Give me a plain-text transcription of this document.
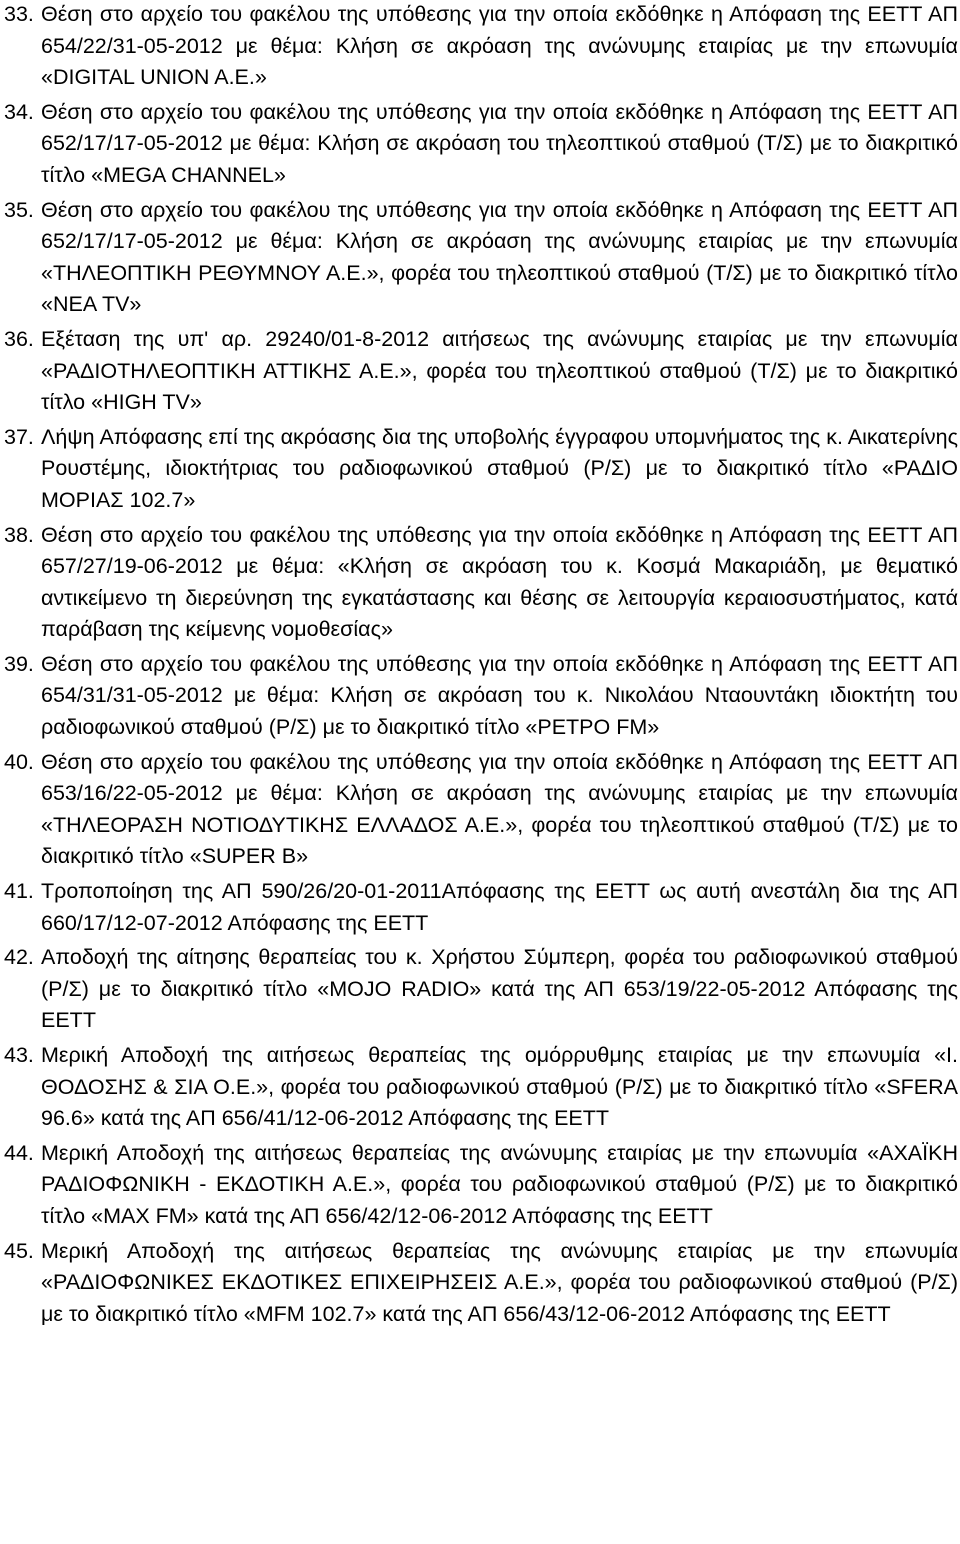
33. Θέση στο αρχείο του φακέλου της υπόθεσης για την οποία εκδόθηκε η Απόφαση της ΕΕΤΤ ΑΠ 654/22/31-05-2012 με θέμα: Κλήση σε ακρόαση της ανώνυμης εταιρίας με την επωνυμία «DIGITAL UNION A.E.»
34. Θέση στο αρχείο του φακέλου της υπόθεσης για την οποία εκδόθηκε η Απόφαση της ΕΕΤΤ ΑΠ 652/17/17-05-2012 με θέμα: Κλήση σε ακρόαση του τηλεοπτικού σταθμού (Τ/Σ) με το διακριτικό τίτλο «MEGA CHANNEL»
35. Θέση στο αρχείο του φακέλου της υπόθεσης για την οποία εκδόθηκε η Απόφαση της ΕΕΤΤ ΑΠ 652/17/17-05-2012 με θέμα: Κλήση σε ακρόαση της ανώνυμης εταιρίας με την επωνυμία «ΤΗΛΕΟΠΤΙΚΗ ΡΕΘΥΜΝΟΥ Α.Ε.», φορέα του τηλεοπτικού σταθμού (Τ/Σ) με το διακριτικό τίτλο «ΝΕΑ TV»
36. Εξέταση της υπ' αρ. 29240/01-8-2012 αιτήσεως της ανώνυμης εταιρίας με την επωνυμία «ΡΑΔΙΟΤΗΛΕΟΠΤΙΚΗ ΑΤΤΙΚΗΣ Α.Ε.», φορέα του τηλεοπτικού σταθμού (Τ/Σ) με το διακριτικό τίτλο «HIGH TV»
37. Λήψη Απόφασης επί της ακρόασης δια της υποβολής έγγραφου υπομνήματος της κ. Αικατερίνης Ρουστέμης, ιδιοκτήτριας του ραδιοφωνικού σταθμού (Ρ/Σ) με το διακριτικό τίτλο «ΡΑΔΙΟ ΜΟΡΙΑΣ 102.7»
38. Θέση στο αρχείο του φακέλου της υπόθεσης για την οποία εκδόθηκε η Απόφαση της ΕΕΤΤ ΑΠ 657/27/19-06-2012 με θέμα: «Κλήση σε ακρόαση του κ. Κοσμά Μακαριάδη, με θεματικό αντικείμενο τη διερεύνηση της εγκατάστασης και θέσης σε λειτουργία κεραιοσυστήματος, κατά παράβαση της κείμενης νομοθεσίας»
39. Θέση στο αρχείο του φακέλου της υπόθεσης για την οποία εκδόθηκε η Απόφαση της ΕΕΤΤ ΑΠ 654/31/31-05-2012 με θέμα: Κλήση σε ακρόαση του κ. Νικολάου Νταουντάκη ιδιοκτήτη του ραδιοφωνικού σταθμού (Ρ/Σ) με το διακριτικό τίτλο «ΡΕΤΡΟ FM»
40. Θέση στο αρχείο του φακέλου της υπόθεσης για την οποία εκδόθηκε η Απόφαση της ΕΕΤΤ ΑΠ 653/16/22-05-2012 με θέμα: Κλήση σε ακρόαση της ανώνυμης εταιρίας με την επωνυμία «ΤΗΛΕΟΡΑΣΗ ΝΟΤΙΟΔΥΤΙΚΗΣ ΕΛΛΑΔΟΣ Α.Ε.», φορέα του τηλεοπτικού σταθμού (Τ/Σ) με το διακριτικό τίτλο «SUPER B»
41. Τροποποίηση της ΑΠ 590/26/20-01-2011Απόφασης της ΕΕΤΤ ως αυτή ανεστάλη δια της ΑΠ 660/17/12-07-2012 Απόφασης της ΕΕΤΤ
42. Αποδοχή της αίτησης θεραπείας του κ. Χρήστου Σύμπερη, φορέα του ραδιοφωνικού σταθμού (Ρ/Σ) με το διακριτικό τίτλο «MOJO RADIO» κατά της ΑΠ 653/19/22-05-2012 Απόφασης της ΕΕΤΤ
43. Μερική Αποδοχή της αιτήσεως θεραπείας της ομόρρυθμης εταιρίας με την επωνυμία «Ι. ΘΟΔΟΣΗΣ & ΣΙΑ Ο.Ε.», φορέα του ραδιοφωνικού σταθμού (Ρ/Σ) με το διακριτικό τίτλο «SFERA 96.6» κατά της ΑΠ 656/41/12-06-2012 Απόφασης της ΕΕΤΤ
44. Μερική Αποδοχή της αιτήσεως θεραπείας της ανώνυμης εταιρίας με την επωνυμία «ΑΧΑΪΚΗ ΡΑΔΙΟΦΩΝΙΚΗ - ΕΚΔΟΤΙΚΗ Α.Ε.», φορέα του ραδιοφωνικού σταθμού (Ρ/Σ) με το διακριτικό τίτλο «ΜΑΧ FM» κατά της ΑΠ 656/42/12-06-2012 Απόφασης της ΕΕΤΤ
45. Μερική Αποδοχή της αιτήσεως θεραπείας της ανώνυμης εταιρίας με την επωνυμία «ΡΑΔΙΟΦΩΝΙΚΕΣ ΕΚΔΟΤΙΚΕΣ ΕΠΙΧΕΙΡΗΣΕΙΣ Α.Ε.», φορέα του ραδιοφωνικού σταθμού (Ρ/Σ) με το διακριτικό τίτλο «MFM 102.7» κατά της ΑΠ 656/43/12-06-2012 Απόφασης της ΕΕΤΤ
